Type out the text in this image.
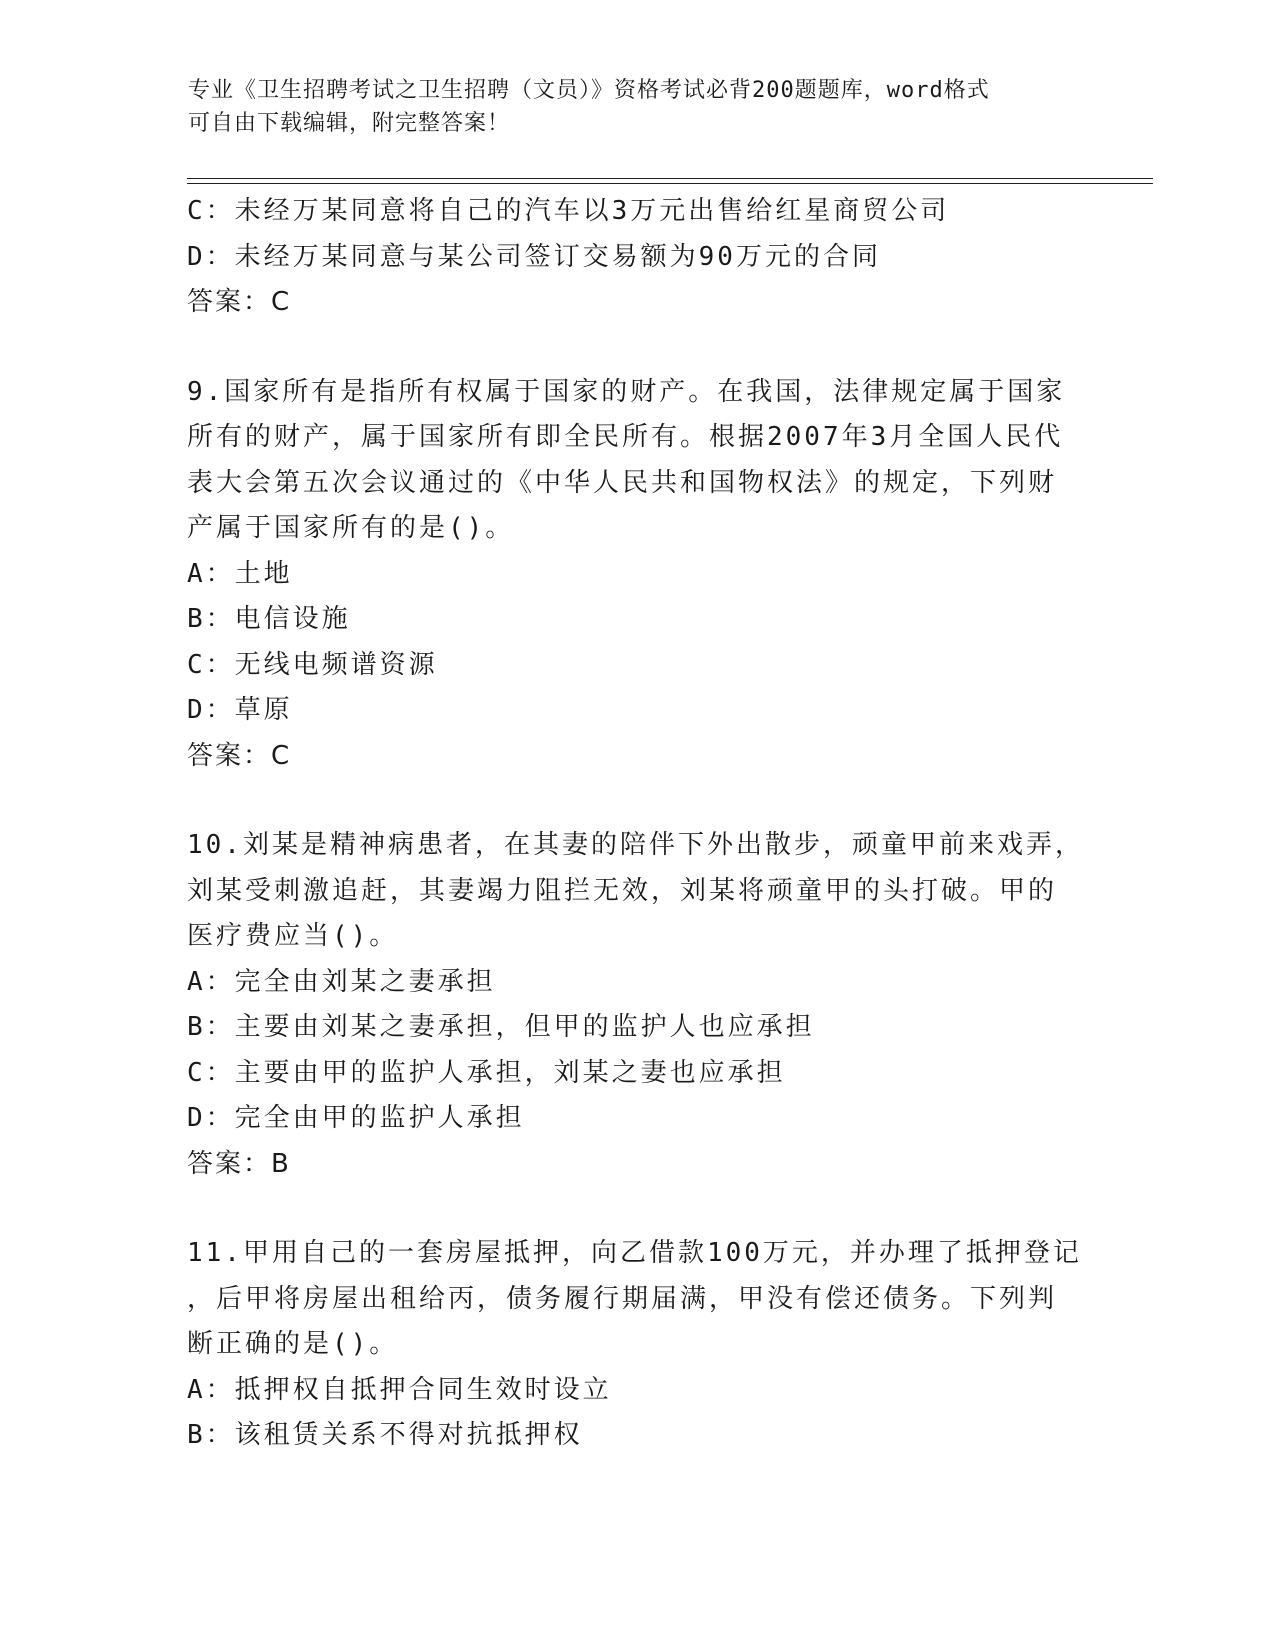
专业《卫生招聘考试之卫生招聘（文员）》资格考试必背200题题库，word格式
可自由下载编辑，附完整答案！
C：未经万某同意将自己的汽车以3万元出售给红星商贸公司
D：未经万某同意与某公司签订交易额为90万元的合同
答案：C
9.国家所有是指所有权属于国家的财产。在我国，法律规定属于国家
所有的财产，属于国家所有即全民所有。根据2007年3月全国人民代
表大会第五次会议通过的《中华人民共和国物权法》的规定，下列财
产属于国家所有的是()。
A：土地
B：电信设施
C：无线电频谱资源
D：草原
答案：C
10.刘某是精神病患者，在其妻的陪伴下外出散步，顽童甲前来戏弄，
刘某受刺激追赶，其妻竭力阻拦无效，刘某将顽童甲的头打破。甲的
医疗费应当()。
A：完全由刘某之妻承担
B：主要由刘某之妻承担，但甲的监护人也应承担
C：主要由甲的监护人承担，刘某之妻也应承担
D：完全由甲的监护人承担
答案：B
11.甲用自己的一套房屋抵押，向乙借款100万元，并办理了抵押登记
，后甲将房屋出租给丙，债务履行期届满，甲没有偿还债务。下列判
断正确的是()。
A：抵押权自抵押合同生效时设立
B：该租赁关系不得对抗抵押权
